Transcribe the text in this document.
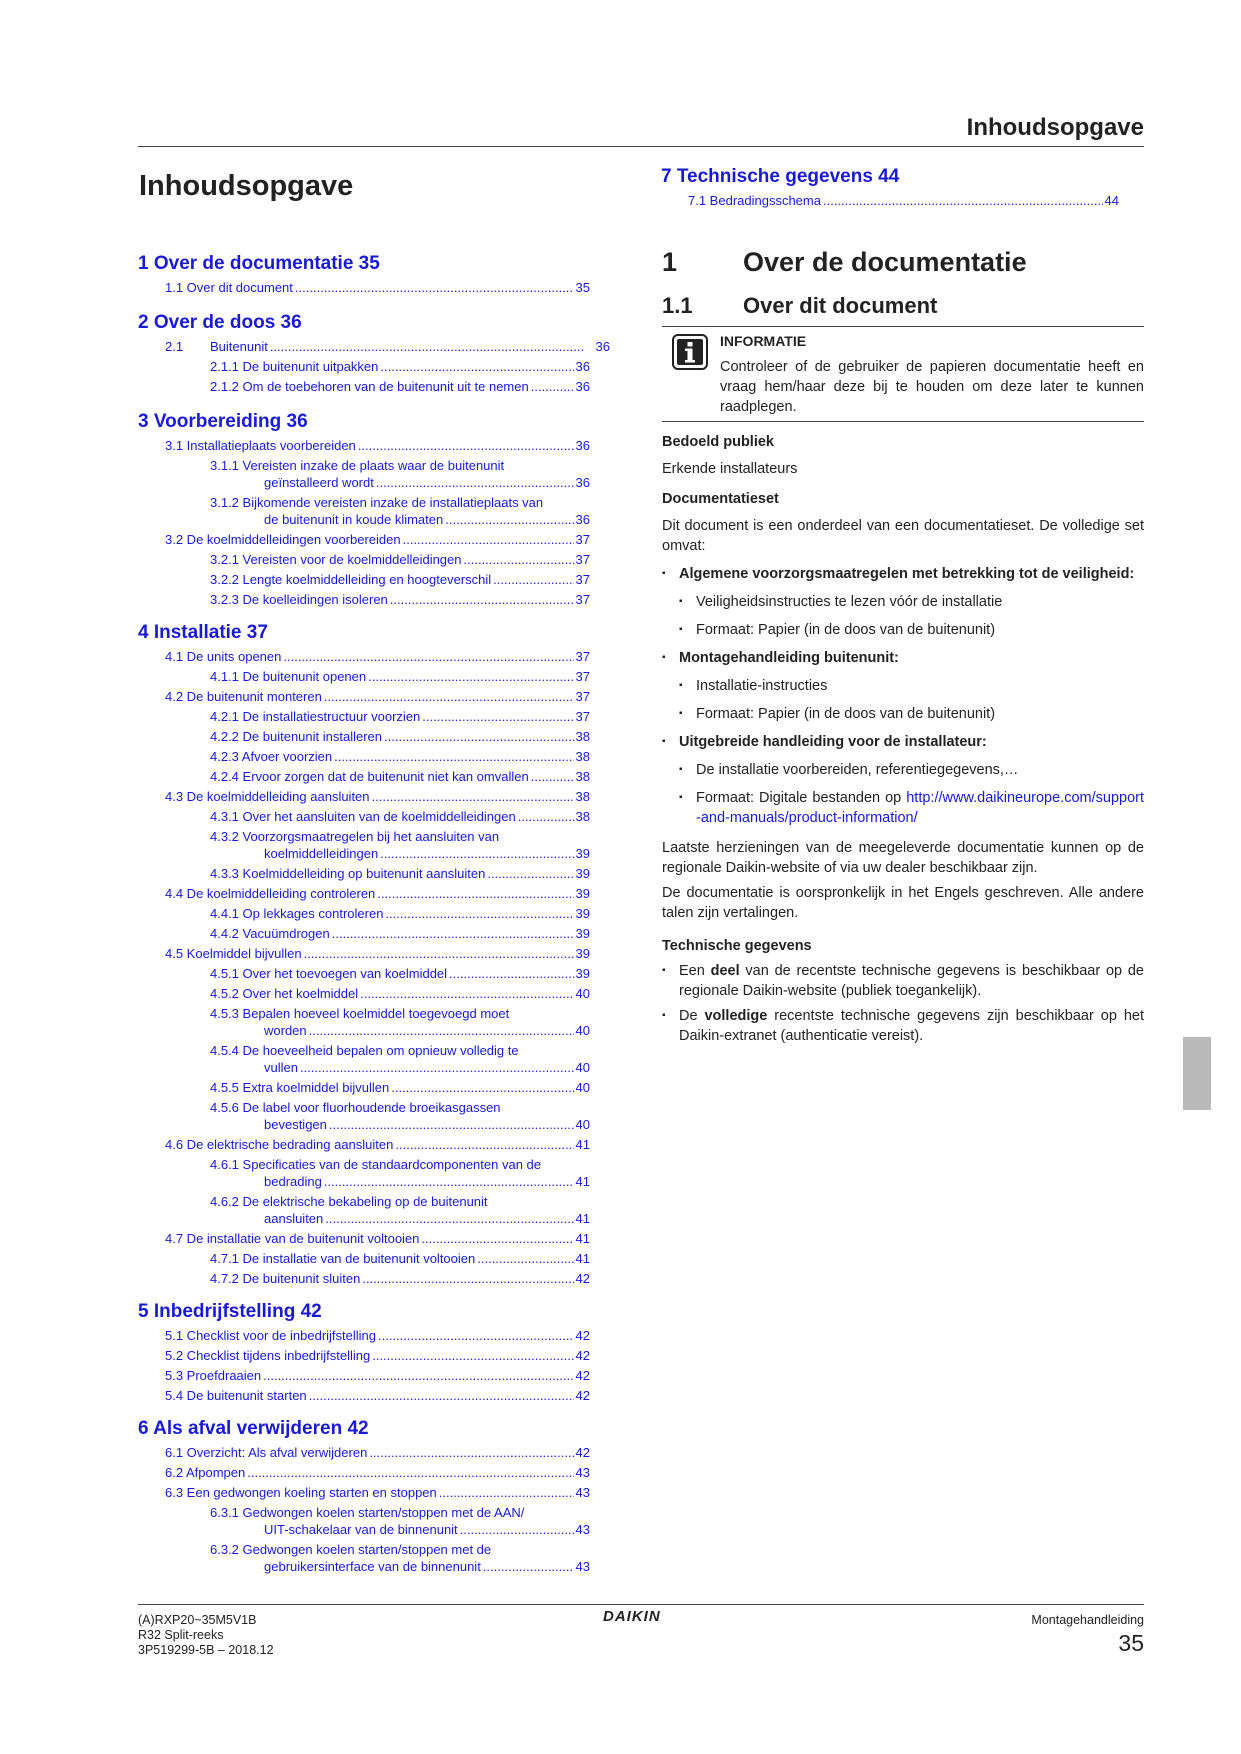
Inhoudsopgave
Inhoudsopgave
1 Over de documentatie 35
1.1 Over dit document .....	35
2 Over de doos 36
2.1	Buitenunit .....	36
2.1.1 De buitenunit uitpakken .....	36
2.1.2 Om de toebehoren van de buitenunit uit te nemen .....	36
3 Voorbereiding 36
3.1 Installatieplaats voorbereiden .....	36
3.1.1 Vereisten inzake de plaats waar de buitenunit
geïnstalleerd wordt .....	36
3.1.2 Bijkomende vereisten inzake de installatieplaats van
de buitenunit in koude klimaten .....	36
3.2 De koelmiddelleidingen voorbereiden .....	37
3.2.1 Vereisten voor de koelmiddelleidingen .....	37
3.2.2 Lengte koelmiddelleiding en hoogteverschil .....	37
3.2.3 De koelleidingen isoleren .....	37
4 Installatie 37
4.1 De units openen .....	37
4.1.1 De buitenunit openen .....	37
4.2 De buitenunit monteren .....	37
4.2.1 De installatiestructuur voorzien .....	37
4.2.2 De buitenunit installeren .....	38
4.2.3 Afvoer voorzien .....	38
4.2.4 Ervoor zorgen dat de buitenunit niet kan omvallen .....	38
4.3 De koelmiddelleiding aansluiten .....	38
4.3.1 Over het aansluiten van de koelmiddelleidingen .....	38
4.3.2 Voorzorgsmaatregelen bij het aansluiten van
koelmiddelleidingen .....	39
4.3.3 Koelmiddelleiding op buitenunit aansluiten .....	39
4.4 De koelmiddelleiding controleren .....	39
4.4.1 Op lekkages controleren .....	39
4.4.2 Vacuümdrogen .....	39
4.5 Koelmiddel bijvullen .....	39
4.5.1 Over het toevoegen van koelmiddel .....	39
4.5.2 Over het koelmiddel .....	40
4.5.3 Bepalen hoeveel koelmiddel toegevoegd moet
worden .....	40
4.5.4 De hoeveelheid bepalen om opnieuw volledig te
vullen .....	40
4.5.5 Extra koelmiddel bijvullen .....	40
4.5.6 De label voor fluorhoudende broeikasgassen
bevestigen .....	40
4.6 De elektrische bedrading aansluiten .....	41
4.6.1 Specificaties van de standaardcomponenten van de
bedrading .....	41
4.6.2 De elektrische bekabeling op de buitenunit
aansluiten .....	41
4.7 De installatie van de buitenunit voltooien .....	41
4.7.1 De installatie van de buitenunit voltooien .....	41
4.7.2 De buitenunit sluiten .....	42
5 Inbedrijfstelling 42
5.1 Checklist voor de inbedrijfstelling .....	42
5.2 Checklist tijdens inbedrijfstelling .....	42
5.3 Proefdraaien .....	42
5.4 De buitenunit starten .....	42
6 Als afval verwijderen 42
6.1 Overzicht: Als afval verwijderen .....	42
6.2 Afpompen .....	43
6.3 Een gedwongen koeling starten en stoppen .....	43
6.3.1 Gedwongen koelen starten/stoppen met de AAN/
UIT-schakelaar van de binnenunit .....	43
6.3.2 Gedwongen koelen starten/stoppen met de
gebruikersinterface van de binnenunit .....	43
7 Technische gegevens 44
7.1 Bedradingsschema .....	44
1	Over de documentatie
1.1	Over dit document
INFORMATIE
Controleer of de gebruiker de papieren documentatie heeft en vraag hem/haar deze bij te houden om deze later te kunnen raadplegen.
Bedoeld publiek
Erkende installateurs
Documentatieset
Dit document is een onderdeel van een documentatieset. De volledige set omvat:
▪ Algemene voorzorgsmaatregelen met betrekking tot de veiligheid:
▪ Veiligheidsinstructies te lezen vóór de installatie
▪ Formaat: Papier (in de doos van de buitenunit)
▪ Montagehandleiding buitenunit:
▪ Installatie-instructies
▪ Formaat: Papier (in de doos van de buitenunit)
▪ Uitgebreide handleiding voor de installateur:
▪ De installatie voorbereiden, referentiegegevens,…
▪ Formaat: Digitale bestanden op http://www.daikineurope.com/support-and-manuals/product-information/
Laatste herzieningen van de meegeleverde documentatie kunnen op de regionale Daikin-website of via uw dealer beschikbaar zijn.
De documentatie is oorspronkelijk in het Engels geschreven. Alle andere talen zijn vertalingen.
Technische gegevens
▪ Een deel van de recentste technische gegevens is beschikbaar op de regionale Daikin-website (publiek toegankelijk).
▪ De volledige recentste technische gegevens zijn beschikbaar op het Daikin-extranet (authenticatie vereist).
(A)RXP20~35M5V1B
R32 Split-reeks
3P519299-5B – 2018.12
DAIKIN	Montagehandleiding
35
